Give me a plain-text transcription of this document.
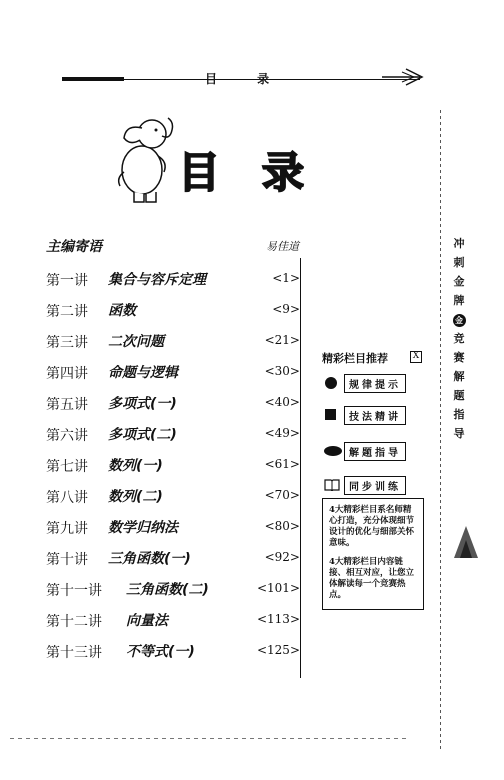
目 录
目 录
主编寄语	易佳道
第一讲 集合与容斥定理	<1>
第二讲 函数	<9>
第三讲 二次问题	<21>
第四讲 命题与逻辑	<30>
第五讲 多项式(一)	<40>
第六讲 多项式(二)	<49>
第七讲 数列(一)	<61>
第八讲 数列(二)	<70>
第九讲 数学归纳法	<80>
第十讲 三角函数(一)	<92>
第十一讲 三角函数(二)	<101>
第十二讲 向量法	<113>
第十三讲 不等式(一)	<125>
精彩栏目推荐	X
规律提示
技法精讲
解题指导
同步训练
4大精彩栏目系名师精心打造，充分体现细节设计的优化与细部关怀意味。
4大精彩栏目内容链接、相互对应，让您立体解读每一个竞赛热点。
冲
刺
金
牌
金
竞
赛
解
题
指
导
